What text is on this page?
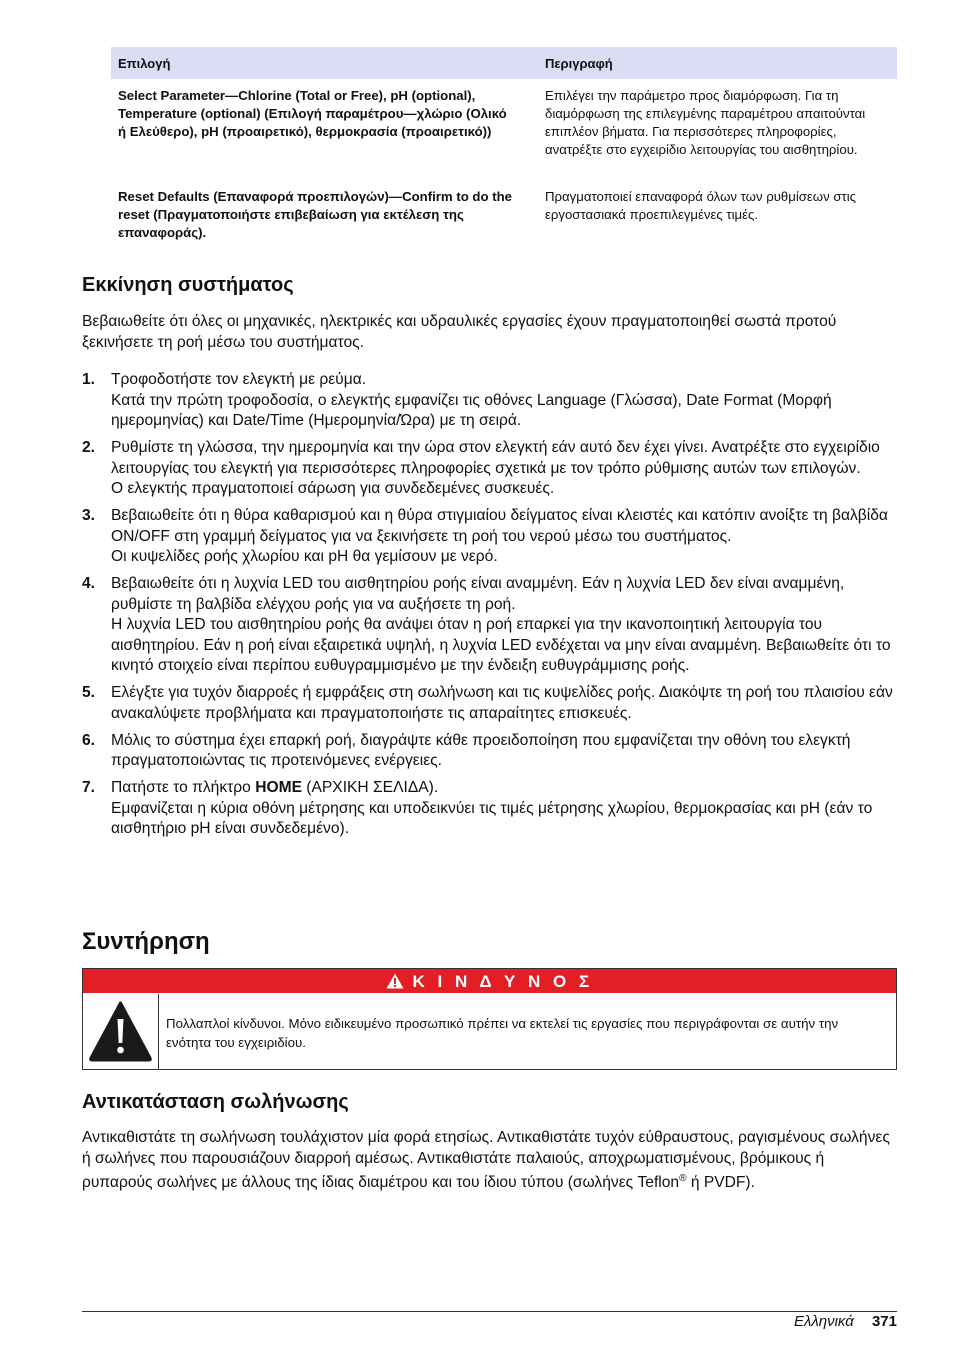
Επιλογή	Περιγραφή
Select Parameter—Chlorine (Total or Free), pH (optional), Temperature (optional) (Επιλογή παραμέτρου—χλώριο (Ολικό ή Ελεύθερο), pH (προαιρετικό), θερμοκρασία (προαιρετικό))	Επιλέγει την παράμετρο προς διαμόρφωση. Για τη διαμόρφωση της επιλεγμένης παραμέτρου απαιτούνται επιπλέον βήματα. Για περισσότερες πληροφορίες, ανατρέξτε στο εγχειρίδιο λειτουργίας του αισθητηρίου.
Reset Defaults (Επαναφορά προεπιλογών)—Confirm to do the reset (Πραγματοποιήστε επιβεβαίωση για εκτέλεση της επαναφοράς).	Πραγματοποιεί επαναφορά όλων των ρυθμίσεων στις εργοστασιακά προεπιλεγμένες τιμές.
Εκκίνηση συστήματος

Βεβαιωθείτε ότι όλες οι μηχανικές, ηλεκτρικές και υδραυλικές εργασίες έχουν πραγματοποιηθεί σωστά προτού ξεκινήσετε τη ροή μέσω του συστήματος.

1. Τροφοδοτήστε τον ελεγκτή με ρεύμα.
Κατά την πρώτη τροφοδοσία, ο ελεγκτής εμφανίζει τις οθόνες Language (Γλώσσα), Date Format (Μορφή ημερομηνίας) και Date/Time (Ημερομηνία/Ώρα) με τη σειρά.
2. Ρυθμίστε τη γλώσσα, την ημερομηνία και την ώρα στον ελεγκτή εάν αυτό δεν έχει γίνει. Ανατρέξτε στο εγχειρίδιο λειτουργίας του ελεγκτή για περισσότερες πληροφορίες σχετικά με τον τρόπο ρύθμισης αυτών των επιλογών.
Ο ελεγκτής πραγματοποιεί σάρωση για συνδεδεμένες συσκευές.
3. Βεβαιωθείτε ότι η θύρα καθαρισμού και η θύρα στιγμιαίου δείγματος είναι κλειστές και κατόπιν ανοίξτε τη βαλβίδα ON/OFF στη γραμμή δείγματος για να ξεκινήσετε τη ροή του νερού μέσω του συστήματος.
Οι κυψελίδες ροής χλωρίου και pH θα γεμίσουν με νερό.
4. Βεβαιωθείτε ότι η λυχνία LED του αισθητηρίου ροής είναι αναμμένη. Εάν η λυχνία LED δεν είναι αναμμένη, ρυθμίστε τη βαλβίδα ελέγχου ροής για να αυξήσετε τη ροή.
Η λυχνία LED του αισθητηρίου ροής θα ανάψει όταν η ροή επαρκεί για την ικανοποιητική λειτουργία του αισθητηρίου. Εάν η ροή είναι εξαιρετικά υψηλή, η λυχνία LED ενδέχεται να μην είναι αναμμένη. Βεβαιωθείτε ότι το κινητό στοιχείο είναι περίπου ευθυγραμμισμένο με την ένδειξη ευθυγράμμισης ροής.
5. Ελέγξτε για τυχόν διαρροές ή εμφράξεις στη σωλήνωση και τις κυψελίδες ροής. Διακόψτε τη ροή του πλαισίου εάν ανακαλύψετε προβλήματα και πραγματοποιήστε τις απαραίτητες επισκευές.
6. Μόλις το σύστημα έχει επαρκή ροή, διαγράψτε κάθε προειδοποίηση που εμφανίζεται την οθόνη του ελεγκτή πραγματοποιώντας τις προτεινόμενες ενέργειες.
7. Πατήστε το πλήκτρο HOME (ΑΡΧΙΚΗ ΣΕΛΙΔΑ).
Εμφανίζεται η κύρια οθόνη μέτρησης και υποδεικνύει τις τιμές μέτρησης χλωρίου, θερμοκρασίας και pH (εάν το αισθητήριο pH είναι συνδεδεμένο).
Συντήρηση
Κ Ι Ν Δ Υ Ν Ο Σ
Πολλαπλοί κίνδυνοι. Μόνο ειδικευμένο προσωπικό πρέπει να εκτελεί τις εργασίες που περιγράφονται σε αυτήν την ενότητα του εγχειριδίου.
Αντικατάσταση σωλήνωσης

Αντικαθιστάτε τη σωλήνωση τουλάχιστον μία φορά ετησίως. Αντικαθιστάτε τυχόν εύθραυστους, ραγισμένους σωλήνες ή σωλήνες που παρουσιάζουν διαρροή αμέσως. Αντικαθιστάτε παλαιούς, αποχρωματισμένους, βρόμικους ή ρυπαρούς σωλήνες με άλλους της ίδιας διαμέτρου και του ίδιου τύπου (σωλήνες Teflon® ή PVDF).

Ελληνικά 371
